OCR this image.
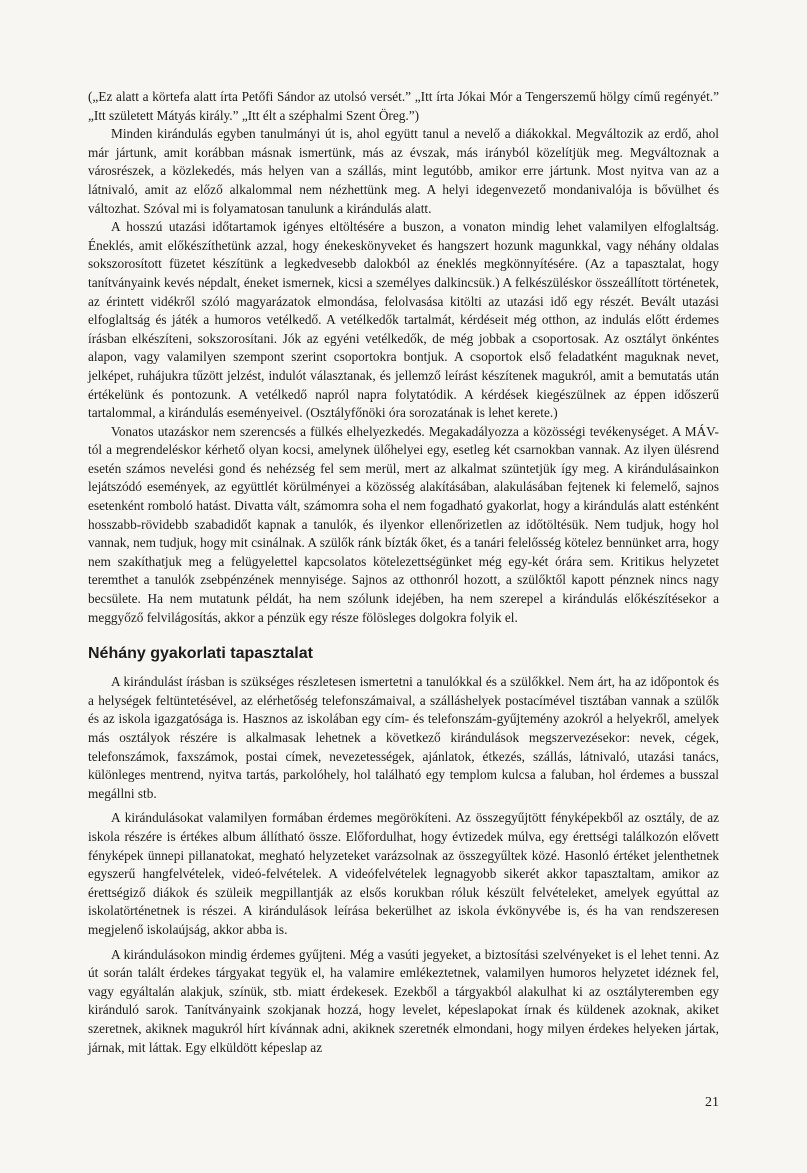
(„Ez alatt a körtefa alatt írta Petőfi Sándor az utolsó versét.” „Itt írta Jókai Mór a Tengerszemű hölgy című regényét.” „Itt született Mátyás király.” „Itt élt a széphalmi Szent Öreg.”)

Minden kirándulás egyben tanulmányi út is, ahol együtt tanul a nevelő a diákokkal. Megváltozik az erdő, ahol már jártunk, amit korábban másnak ismertünk, más az évszak, más irányból közelítjük meg. Megváltoznak a városrészek, a közlekedés, más helyen van a szállás, mint legutóbb, amikor erre jártunk. Most nyitva van az a látnivaló, amit az előző alkalommal nem nézhettünk meg. A helyi idegenvezető mondanivalója is bővülhet és változhat. Szóval mi is folyamatosan tanulunk a kirándulás alatt.

A hosszú utazási időtartamok igényes eltöltésére a buszon, a vonaton mindig lehet valamilyen elfoglaltság. Éneklés, amit előkészíthetünk azzal, hogy énekeskönyveket és hangszert hozunk magunkkal, vagy néhány oldalas sokszorosított füzetet készítünk a legkedvesebb dalokból az éneklés megkönnyítésére. (Az a tapasztalat, hogy tanítványaink kevés népdalt, éneket ismernek, kicsi a személyes dalkincsük.) A felkészüléskor összeállított történetek, az érintett vidékről szóló magyarázatok elmondása, felolvasása kitölti az utazási idő egy részét. Bevált utazási elfoglaltság és játék a humoros vetélkedő. A vetélkedők tartalmát, kérdéseit még otthon, az indulás előtt érdemes írásban elkészíteni, sokszorosítani. Jók az egyéni vetélkedők, de még jobbak a csoportosak. Az osztályt önkéntes alapon, vagy valamilyen szempont szerint csoportokra bontjuk. A csoportok első feladatként maguknak nevet, jelképet, ruhájukra tűzött jelzést, indulót választanak, és jellemző leírást készítenek magukról, amit a bemutatás után értékelünk és pontozunk. A vetélkedő napról napra folytatódik. A kérdések kiegészülnek az éppen időszerű tartalommal, a kirándulás eseményeivel. (Osztályfőnöki óra sorozatának is lehet kerete.)

Vonatos utazáskor nem szerencsés a fülkés elhelyezkedés. Megakadályozza a közösségi tevékenységet. A MÁV-tól a megrendeléskor kérhető olyan kocsi, amelynek ülőhelyei egy, esetleg két csarnokban vannak. Az ilyen ülésrend esetén számos nevelési gond és nehézség fel sem merül, mert az alkalmat szüntetjük így meg. A kirándulásainkon lejátszódó események, az együttlét körülményei a közösség alakításában, alakulásában fejtenek ki felemelő, sajnos esetenként romboló hatást. Divatta vált, számomra soha el nem fogadható gyakorlat, hogy a kirándulás alatt esténként hosszabb-rövidebb szabadidőt kapnak a tanulók, és ilyenkor ellenőrizetlen az időtöltésük. Nem tudjuk, hogy hol vannak, nem tudjuk, hogy mit csinálnak. A szülők ránk bízták őket, és a tanári felelősség kötelez bennünket arra, hogy nem szakíthatjuk meg a felügyelettel kapcsolatos kötelezettségünket még egy-két órára sem. Kritikus helyzetet teremthet a tanulók zsebpénzének mennyisége. Sajnos az otthonról hozott, a szülőktől kapott pénznek nincs nagy becsülete. Ha nem mutatunk példát, ha nem szólunk idejében, ha nem szerepel a kirándulás előkészítésekor a meggyőző felvilágosítás, akkor a pénzük egy része fölösleges dolgokra folyik el.

Néhány gyakorlati tapasztalat

A kirándulást írásban is szükséges részletesen ismertetni a tanulókkal és a szülőkkel. Nem árt, ha az időpontok és a helységek feltüntetésével, az elérhetőség telefonszámaival, a szálláshelyek postacímével tisztában vannak a szülők és az iskola igazgatósága is. Hasznos az iskolában egy cím- és telefonszám-gyűjtemény azokról a helyekről, amelyek más osztályok részére is alkalmasak lehetnek a következő kirándulások megszervezésekor: nevek, cégek, telefonszámok, faxszámok, postai címek, nevezetességek, ajánlatok, étkezés, szállás, látnivaló, utazási tanács, különleges mentrend, nyitva tartás, parkolóhely, hol található egy templom kulcsa a faluban, hol érdemes a busszal megállni stb.

A kirándulásokat valamilyen formában érdemes megörökíteni. Az összegyűjtött fényképekből az osztály, de az iskola részére is értékes album állítható össze. Előfordulhat, hogy évtizedek múlva, egy érettségi találkozón elővett fényképek ünnepi pillanatokat, megható helyzeteket varázsolnak az összegyűltek közé. Hasonló értéket jelenthetnek egyszerű hangfelvételek, videó-felvételek. A videófelvételek legnagyobb sikerét akkor tapasztaltam, amikor az érettségiző diákok és szüleik megpillantják az elsős korukban róluk készült felvételeket, amelyek egyúttal az iskolatörténetnek is részei. A kirándulások leírása bekerülhet az iskola évkönyvébe is, és ha van rendszeresen megjelenő iskolaújság, akkor abba is.

A kirándulásokon mindig érdemes gyűjteni. Még a vasúti jegyeket, a biztosítási szelvényeket is el lehet tenni. Az út során talált érdekes tárgyakat tegyük el, ha valamire emlékeztetnek, valamilyen humoros helyzetet idéznek fel, vagy egyáltalán alakjuk, színük, stb. miatt érdekesek. Ezekből a tárgyakból alakulhat ki az osztályteremben egy kiránduló sarok. Tanítványaink szokjanak hozzá, hogy levelet, képeslapokat írnak és küldenek azoknak, akiket szeretnek, akiknek magukról hírt kívánnak adni, akiknek szeretnék elmondani, hogy milyen érdekes helyeken jártak, járnak, mit láttak. Egy elküldött képeslap az

21
